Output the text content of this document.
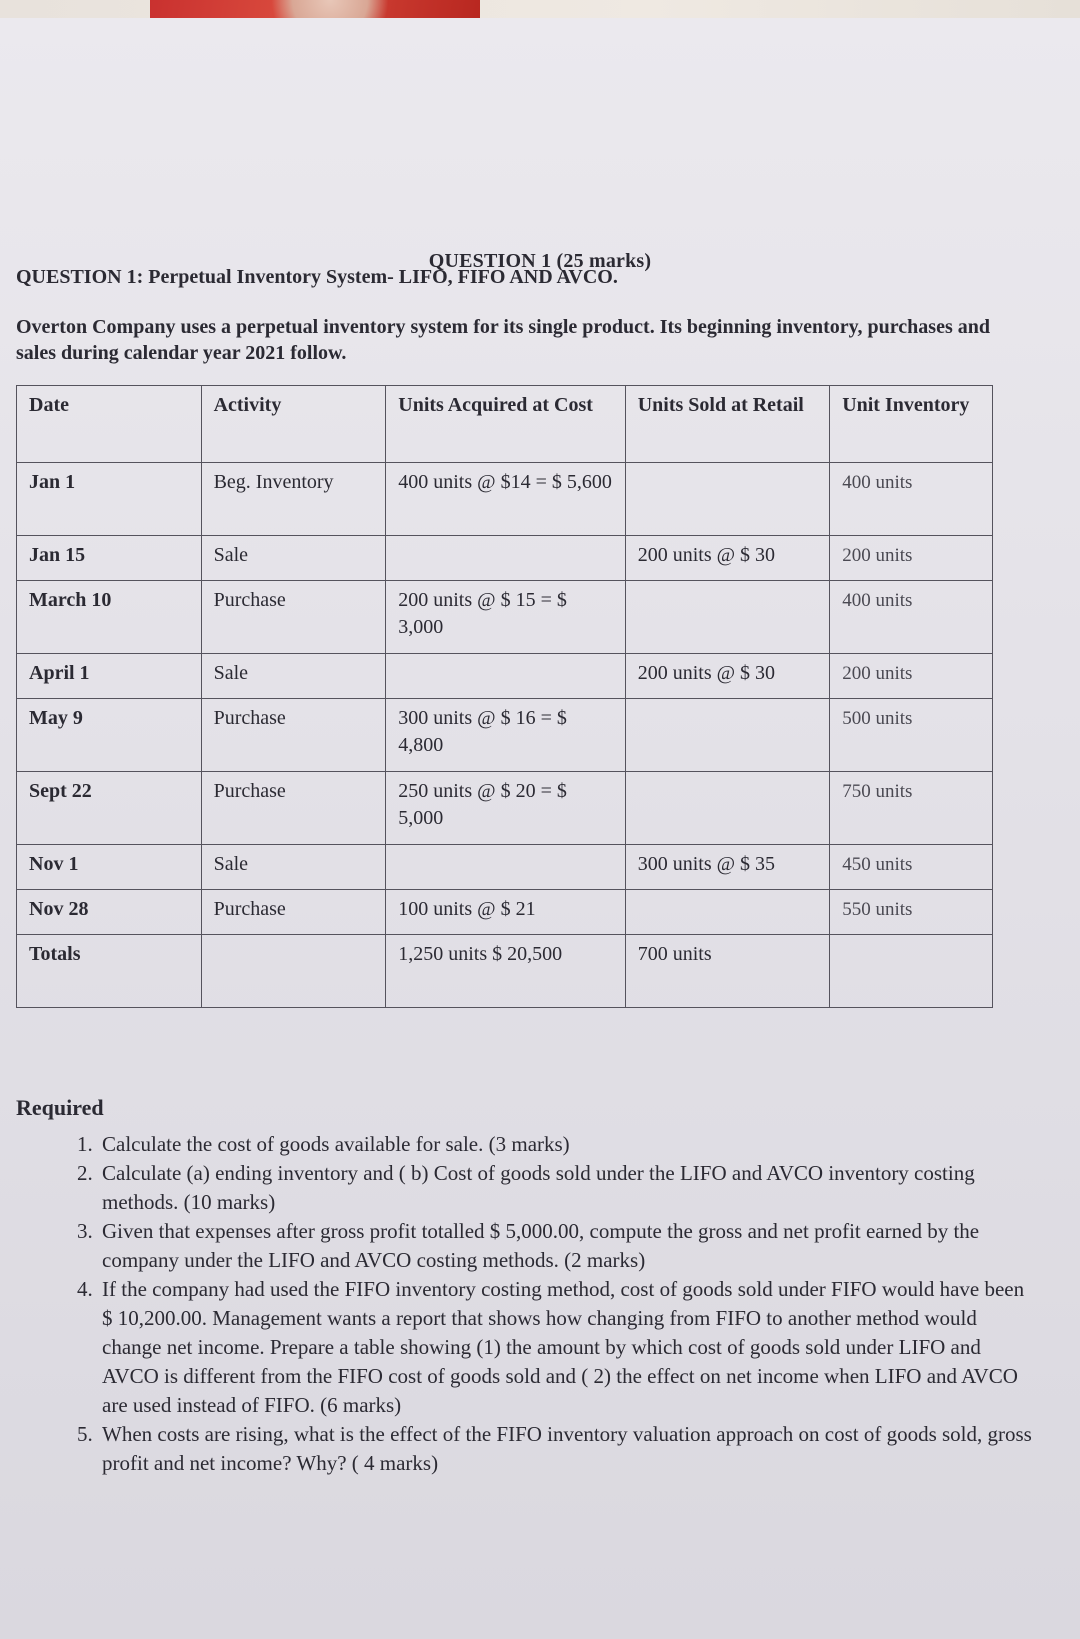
QUESTION 1 (25 marks)
QUESTION 1: Perpetual Inventory System- LIFO, FIFO AND AVCO.
Overton Company uses a perpetual inventory system for its single product. Its beginning inventory, purchases and sales during calendar year 2021 follow.
Date	Activity	Units Acquired at Cost	Units Sold at Retail	Unit Inventory
Jan 1	Beg. Inventory	400 units @ $14 = $ 5,600		400 units
Jan 15	Sale		200 units @ $ 30	200 units
March 10	Purchase	200 units @ $ 15 = $ 3,000		400 units
April 1	Sale		200 units @ $ 30	200 units
May 9	Purchase	300 units @ $ 16 = $ 4,800		500 units
Sept 22	Purchase	250 units @ $ 20 = $ 5,000		750 units
Nov 1	Sale		300 units @ $ 35	450 units
Nov 28	Purchase	100 units @ $ 21		550 units
Totals		1,250 units $ 20,500	700 units	
Required
1. Calculate the cost of goods available for sale. (3 marks)
2. Calculate (a) ending inventory and ( b) Cost of goods sold under the LIFO and AVCO inventory costing methods. (10 marks)
3. Given that expenses after gross profit totalled $ 5,000.00, compute the gross and net profit earned by the company under the LIFO and AVCO costing methods. (2 marks)
4. If the company had used the FIFO inventory costing method, cost of goods sold under FIFO would have been $ 10,200.00. Management wants a report that shows how changing from FIFO to another method would change net income. Prepare a table showing (1) the amount by which cost of goods sold under LIFO and AVCO is different from the FIFO cost of goods sold and ( 2) the effect on net income when LIFO and AVCO are used instead of FIFO. (6 marks)
5. When costs are rising, what is the effect of the FIFO inventory valuation approach on cost of goods sold, gross profit and net income? Why? ( 4 marks)
